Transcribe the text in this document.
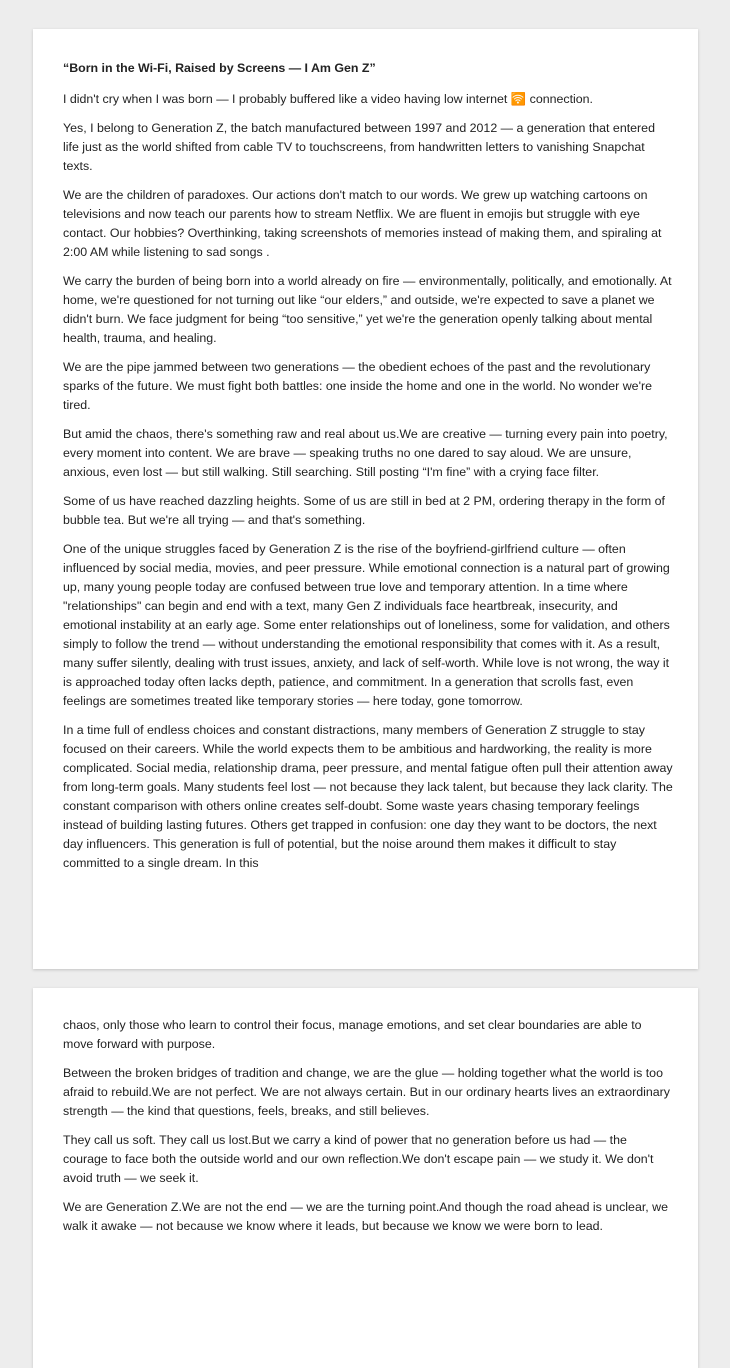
“Born in the Wi-Fi, Raised by Screens — I Am Gen Z”

I didn't cry when I was born — I probably buffered like a video having low internet 🛜 connection.

Yes, I belong to Generation Z, the batch manufactured between 1997 and 2012 — a generation that entered life just as the world shifted from cable TV to touchscreens, from handwritten letters to vanishing Snapchat texts.

We are the children of paradoxes. Our actions don't match to our words. We grew up watching cartoons on televisions and now teach our parents how to stream Netflix. We are fluent in emojis but struggle with eye contact. Our hobbies? Overthinking, taking screenshots of memories instead of making them, and spiraling at 2:00 AM while listening to sad songs .

We carry the burden of being born into a world already on fire — environmentally, politically, and emotionally. At home, we're questioned for not turning out like “our elders,” and outside, we're expected to save a planet we didn't burn. We face judgment for being “too sensitive,” yet we're the generation openly talking about mental health, trauma, and healing.

We are the pipe jammed between two generations — the obedient echoes of the past and the revolutionary sparks of the future. We must fight both battles: one inside the home and one in the world. No wonder we're tired.

But amid the chaos, there's something raw and real about us.We are creative — turning every pain into poetry, every moment into content. We are brave — speaking truths no one dared to say aloud. We are unsure, anxious, even lost — but still walking. Still searching. Still posting “I'm fine” with a crying face filter.

Some of us have reached dazzling heights. Some of us are still in bed at 2 PM, ordering therapy in the form of bubble tea. But we're all trying — and that's something.

One of the unique struggles faced by Generation Z is the rise of the boyfriend-girlfriend culture — often influenced by social media, movies, and peer pressure. While emotional connection is a natural part of growing up, many young people today are confused between true love and temporary attention. In a time where "relationships" can begin and end with a text, many Gen Z individuals face heartbreak, insecurity, and emotional instability at an early age. Some enter relationships out of loneliness, some for validation, and others simply to follow the trend — without understanding the emotional responsibility that comes with it. As a result, many suffer silently, dealing with trust issues, anxiety, and lack of self-worth. While love is not wrong, the way it is approached today often lacks depth, patience, and commitment. In a generation that scrolls fast, even feelings are sometimes treated like temporary stories — here today, gone tomorrow.

In a time full of endless choices and constant distractions, many members of Generation Z struggle to stay focused on their careers. While the world expects them to be ambitious and hardworking, the reality is more complicated. Social media, relationship drama, peer pressure, and mental fatigue often pull their attention away from long-term goals. Many students feel lost — not because they lack talent, but because they lack clarity. The constant comparison with others online creates self-doubt. Some waste years chasing temporary feelings instead of building lasting futures. Others get trapped in confusion: one day they want to be doctors, the next day influencers. This generation is full of potential, but the noise around them makes it difficult to stay committed to a single dream. In this

chaos, only those who learn to control their focus, manage emotions, and set clear boundaries are able to move forward with purpose.

Between the broken bridges of tradition and change, we are the glue — holding together what the world is too afraid to rebuild.We are not perfect. We are not always certain. But in our ordinary hearts lives an extraordinary strength — the kind that questions, feels, breaks, and still believes.

They call us soft. They call us lost.But we carry a kind of power that no generation before us had — the courage to face both the outside world and our own reflection.We don't escape pain — we study it. We don't avoid truth — we seek it.

We are Generation Z.We are not the end — we are the turning point.And though the road ahead is unclear, we walk it awake — not because we know where it leads, but because we know we were born to lead.
